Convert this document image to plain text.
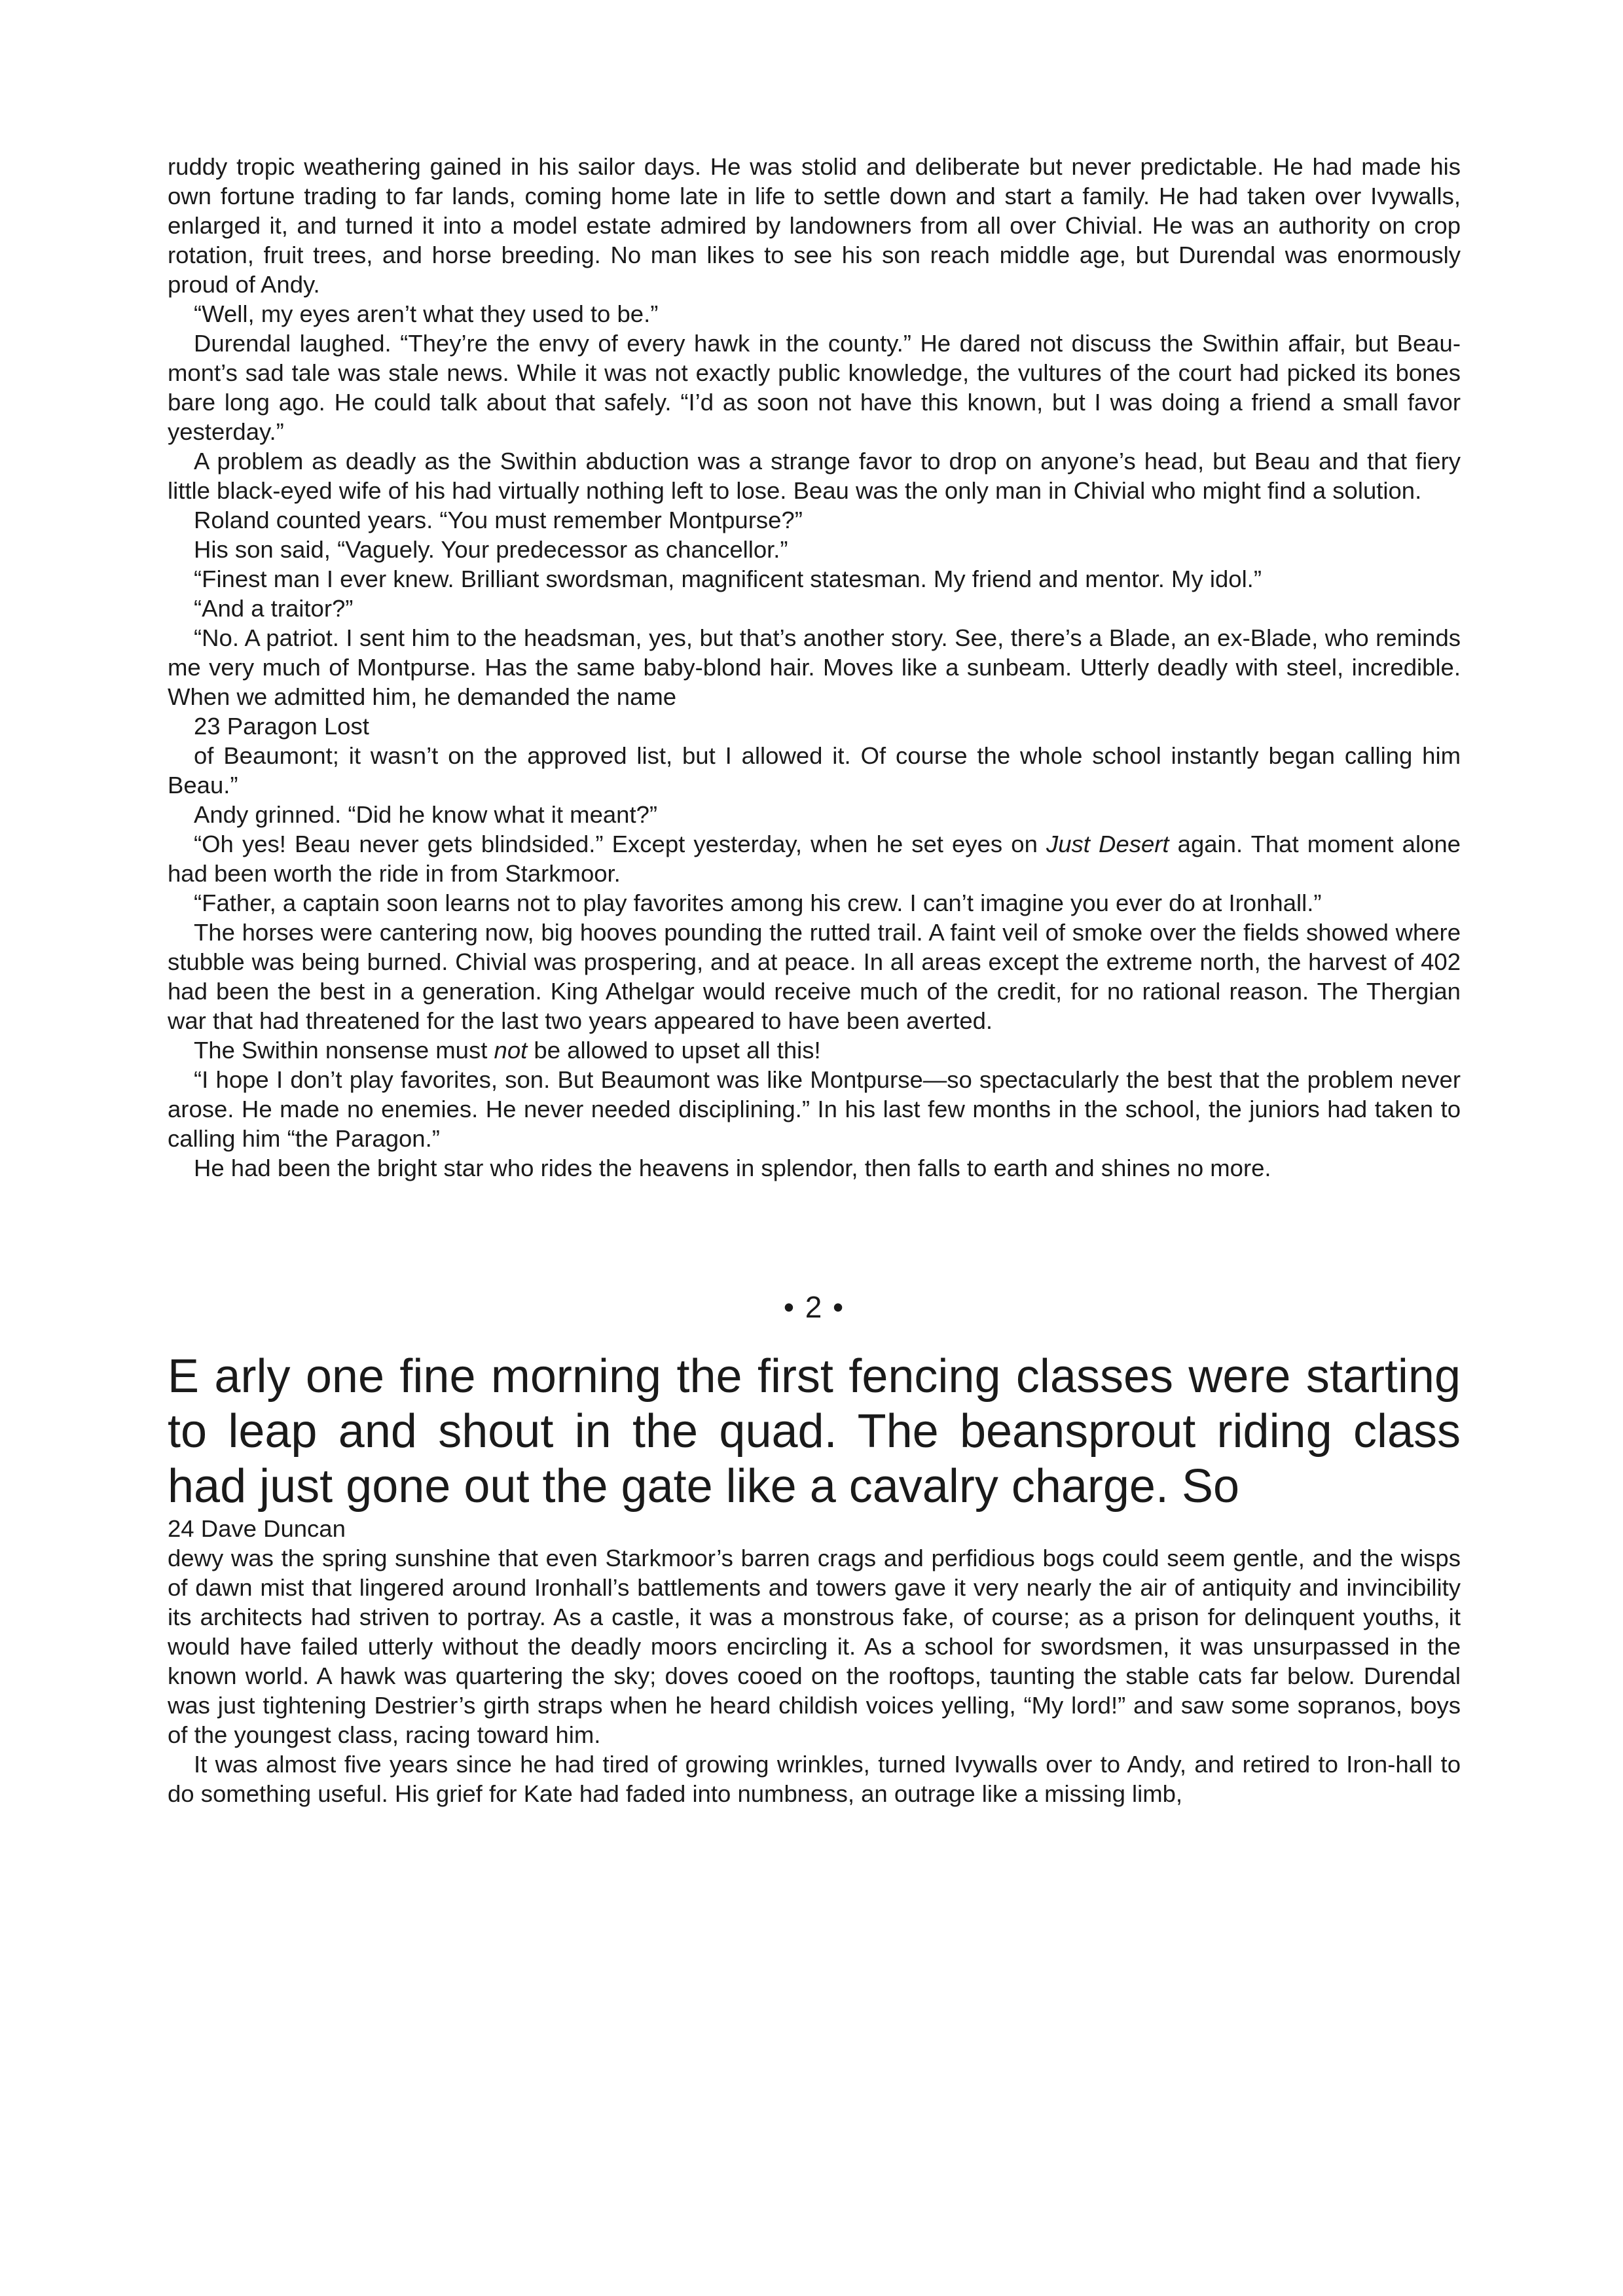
ruddy tropic weathering gained in his sailor days. He was stolid and deliberate but never predictable. He had made his own fortune trading to far lands, coming home late in life to settle down and start a family. He had taken over Ivywalls, enlarged it, and turned it into a model estate admired by landowners from all over Chivial. He was an authority on crop rotation, fruit trees, and horse breeding. No man likes to see his son reach middle age, but Durendal was enormously proud of Andy.

“Well, my eyes aren’t what they used to be.”

Durendal laughed. “They’re the envy of every hawk in the county.” He dared not discuss the Swithin affair, but Beau-mont’s sad tale was stale news. While it was not exactly public knowledge, the vultures of the court had picked its bones bare long ago. He could talk about that safely. “I’d as soon not have this known, but I was doing a friend a small favor yesterday.”

A problem as deadly as the Swithin abduction was a strange favor to drop on anyone’s head, but Beau and that fiery little black-eyed wife of his had virtually nothing left to lose. Beau was the only man in Chivial who might find a solution.

Roland counted years. “You must remember Montpurse?”

His son said, “Vaguely. Your predecessor as chancellor.”

“Finest man I ever knew. Brilliant swordsman, magnificent statesman. My friend and mentor. My idol.”

“And a traitor?”

“No. A patriot. I sent him to the headsman, yes, but that’s another story. See, there’s a Blade, an ex-Blade, who reminds me very much of Montpurse. Has the same baby-blond hair. Moves like a sunbeam. Utterly deadly with steel, incredible. When we admitted him, he demanded the name

23 Paragon Lost

of Beaumont; it wasn’t on the approved list, but I allowed it. Of course the whole school instantly began calling him Beau.”

Andy grinned. “Did he know what it meant?”

“Oh yes! Beau never gets blindsided.” Except yesterday, when he set eyes on Just Desert again. That moment alone had been worth the ride in from Starkmoor.

“Father, a captain soon learns not to play favorites among his crew. I can’t imagine you ever do at Ironhall.”

The horses were cantering now, big hooves pounding the rutted trail. A faint veil of smoke over the fields showed where stubble was being burned. Chivial was prospering, and at peace. In all areas except the extreme north, the harvest of 402 had been the best in a generation. King Athelgar would receive much of the credit, for no rational reason. The Thergian war that had threatened for the last two years appeared to have been averted.

The Swithin nonsense must not be allowed to upset all this!

“I hope I don’t play favorites, son. But Beaumont was like Montpurse—so spectacularly the best that the problem never arose. He made no enemies. He never needed disciplining.” In his last few months in the school, the juniors had taken to calling him “the Paragon.”

He had been the bright star who rides the heavens in splendor, then falls to earth and shines no more.

• 2 •

E arly one fine morning the first fencing classes were starting to leap and shout in the quad. The beansprout riding class had just gone out the gate like a cavalry charge. So

24 Dave Duncan

dewy was the spring sunshine that even Starkmoor’s barren crags and perfidious bogs could seem gentle, and the wisps of dawn mist that lingered around Ironhall’s battlements and towers gave it very nearly the air of antiquity and invincibility its architects had striven to portray. As a castle, it was a monstrous fake, of course; as a prison for delinquent youths, it would have failed utterly without the deadly moors encircling it. As a school for swordsmen, it was unsurpassed in the known world. A hawk was quartering the sky; doves cooed on the rooftops, taunting the stable cats far below. Durendal was just tightening Destrier’s girth straps when he heard childish voices yelling, “My lord!” and saw some sopranos, boys of the youngest class, racing toward him.

It was almost five years since he had tired of growing wrinkles, turned Ivywalls over to Andy, and retired to Iron-hall to do something useful. His grief for Kate had faded into numbness, an outrage like a missing limb,
